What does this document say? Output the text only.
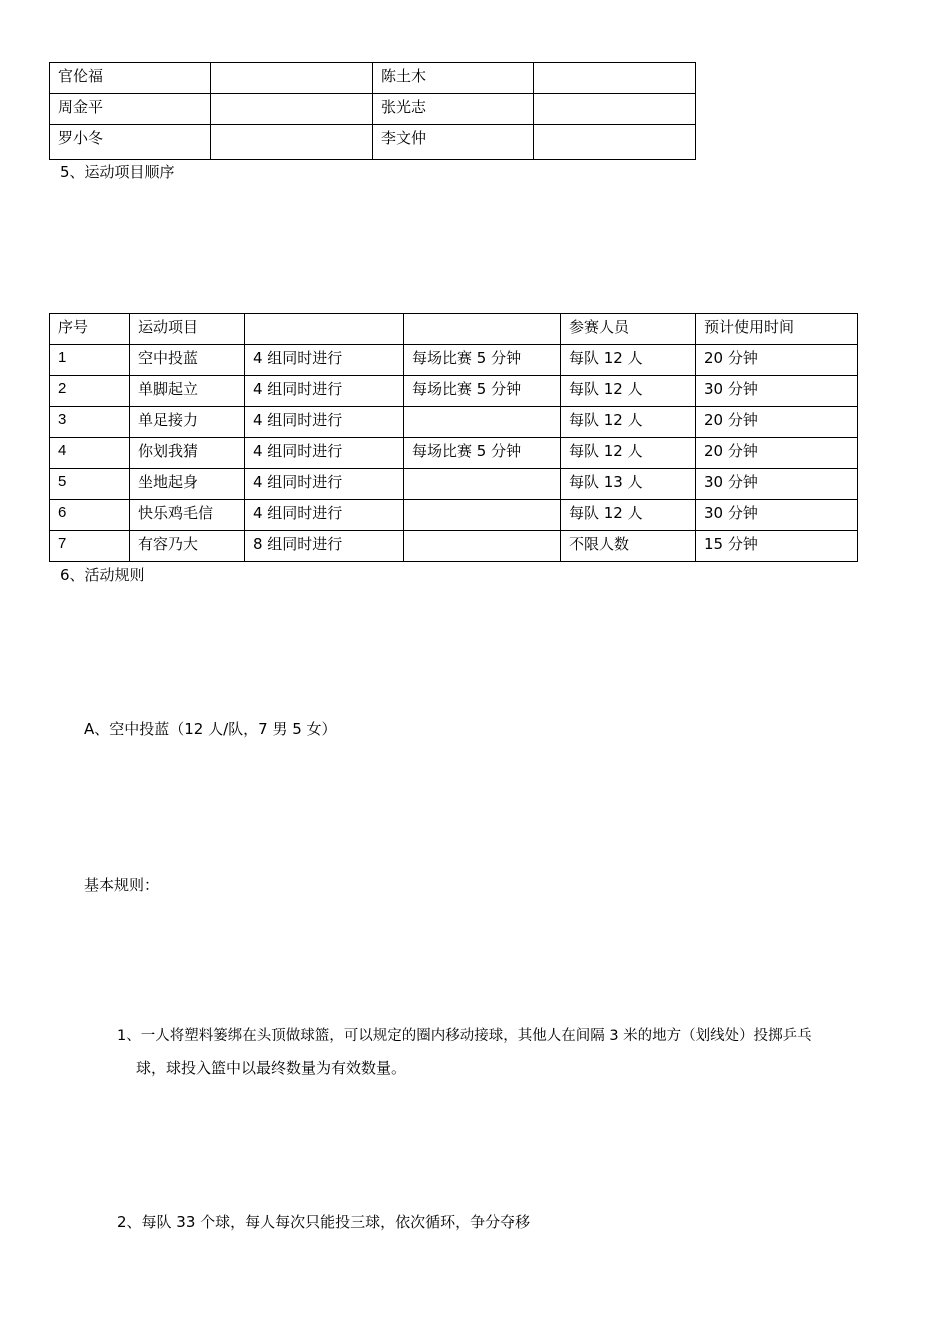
官伦福		陈土木	
周金平		张光志	
罗小冬		李文仲	
5、运动项目顺序
序号	运动项目			参赛人员	预计使用时间
1	空中投蓝	4 组同时进行	每场比赛 5 分钟	每队 12 人	20 分钟
2	单脚起立	4 组同时进行	每场比赛 5 分钟	每队 12 人	30 分钟
3	单足接力	4 组同时进行		每队 12 人	20 分钟
4	你划我猜	4 组同时进行	每场比赛 5 分钟	每队 12 人	20 分钟
5	坐地起身	4 组同时进行		每队 13 人	30 分钟
6	快乐鸡毛信	4 组同时进行		每队 12 人	30 分钟
7	有容乃大	8 组同时进行		不限人数	15 分钟
6、活动规则
A、空中投蓝（12 人/队，7 男 5 女）
基本规则：
1、一人将塑料篓绑在头顶做球篮，可以规定的圈内移动接球，其他人在间隔 3 米的地方（划线处）投掷乒乓
球，球投入篮中以最终数量为有效数量。
2、每队 33 个球，每人每次只能投三球，依次循环，争分夺移
